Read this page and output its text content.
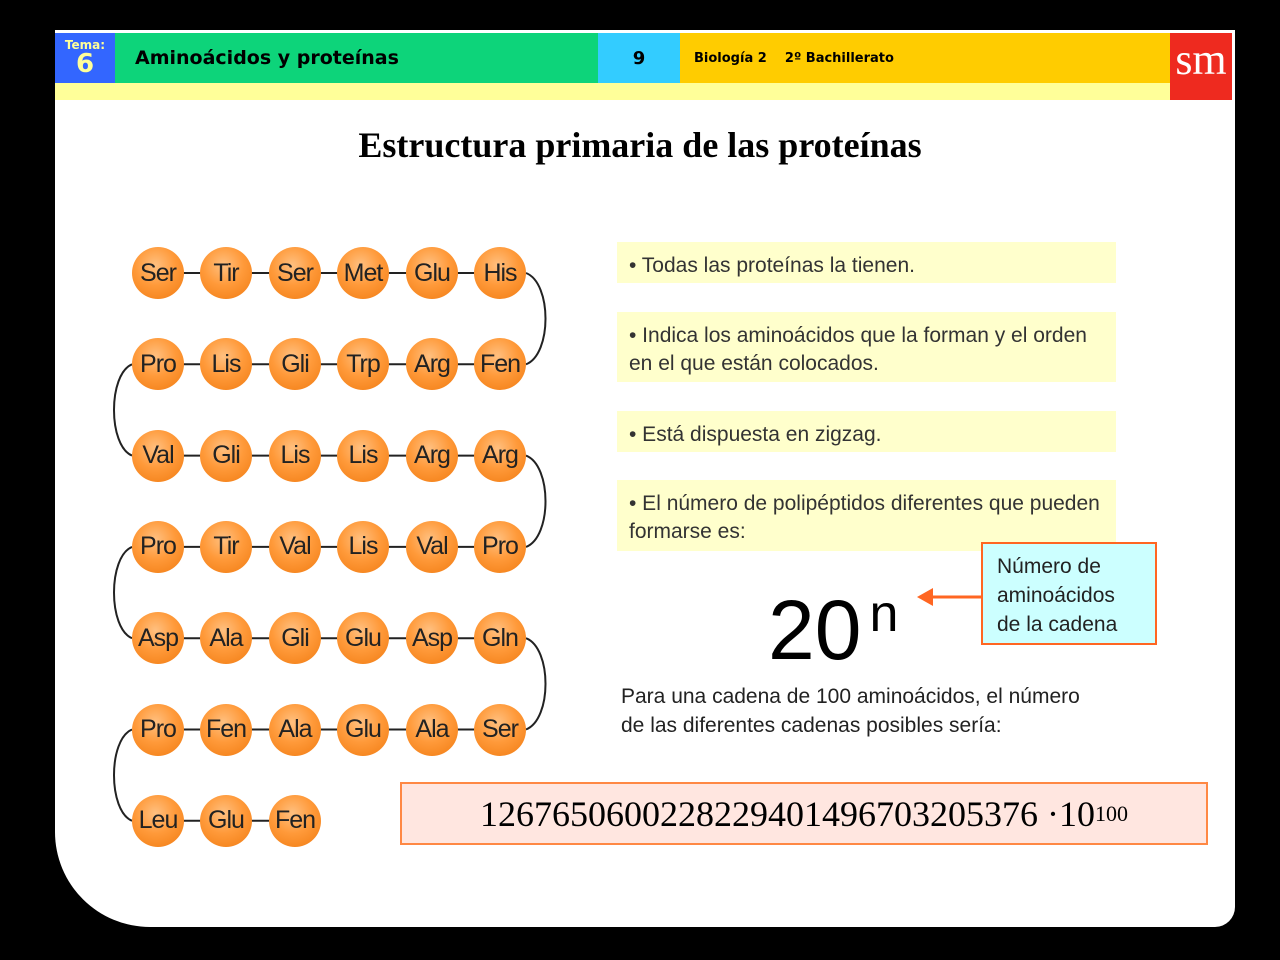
Tema:
6	Aminoácidos y proteínas	9	Biología 2    2º Bachillerato	sm
Estructura primaria de las proteínas
Ser	Tir	Ser	Met	Glu	His
Pro	Lis	Gli	Trp	Arg	Fen
Val	Gli	Lis	Lis	Arg	Arg
Pro	Tir	Val	Lis	Val	Pro
Asp	Ala	Gli	Glu	Asp	Gln
Pro	Fen	Ala	Glu	Ala	Ser
Leu	Glu	Fen
• Todas las proteínas la tienen.
• Indica los aminoácidos que la forman y el orden en el que están colocados.
• Está dispuesta en zigzag.
• El número de polipéptidos diferentes que pueden formarse es:
20 $^n$
Número de aminoácidos de la cadena
Para una cadena de 100 aminoácidos, el número de las diferentes cadenas posibles sería:
1267650600228229401496703205376 ·10 100
